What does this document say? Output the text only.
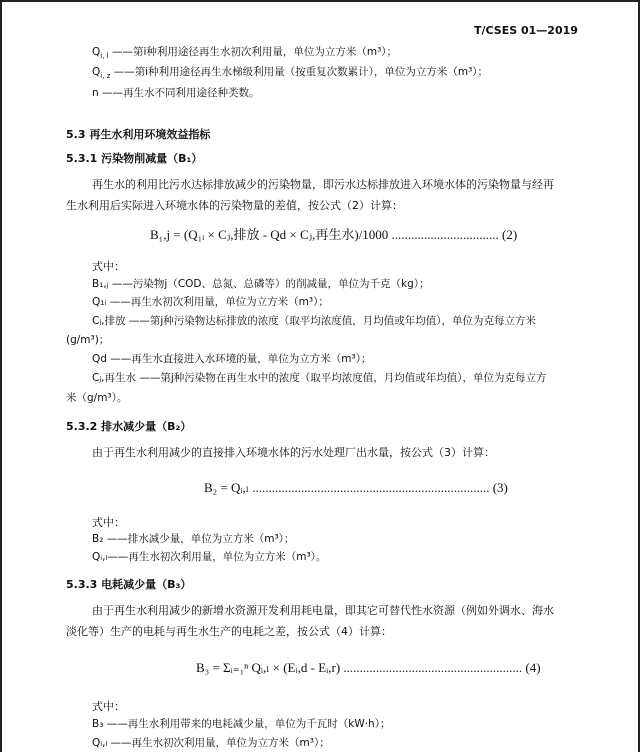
T/CSES 01—2019
$Q_{i, l}$ ——第i种利用途径再生水初次利用量，单位为立方米（m³）；
$Q_{i, z}$ ——第i种利用途径再生水梯级利用量（按重复次数累计），单位为立方米（m³）；
n ——再生水不同利用途径种类数。
5.3 再生水利用环境效益指标
5.3.1 污染物削减量（B₁）
再生水的利用比污水达标排放减少的污染物量，即污水达标排放进入环境水体的污染物量与经再
生水利用后实际进入环境水体的污染物量的差值，按公式（2）计算：
B₁,j = (Q₁ᵢ × Cⱼ,排放 - Qd × Cⱼ,再生水)/1000 ................................. (2)
式中：
B₁,ⱼ ——污染物j（COD、总氮、总磷等）的削减量，单位为千克（kg）；
Q₁ᵢ ——再生水初次利用量，单位为立方米（m³）；
Cⱼ,排放 ——第j种污染物达标排放的浓度（取平均浓度值，月均值或年均值），单位为克每立方米
(g/m³)；
Qd ——再生水直接进入水环境的量，单位为立方米（m³）；
Cⱼ,再生水 ——第j种污染物在再生水中的浓度（取平均浓度值，月均值或年均值），单位为克每立方
米（g/m³）。
5.3.2 排水减少量（B₂）
由于再生水利用减少的直接排入环境水体的污水处理厂出水量，按公式（3）计算：
B₂ = Qᵢ,ₗ ......................................................................... (3)
式中：
B₂ ——排水减少量，单位为立方米（m³）；
Qᵢ,ₗ——再生水初次利用量，单位为立方米（m³）。
5.3.3 电耗减少量（B₃）
由于再生水利用减少的新增水资源开发利用耗电量，即其它可替代性水资源（例如外调水、海水
淡化等）生产的电耗与再生水生产的电耗之差，按公式（4）计算：
B₃ = Σᵢ₌₁ⁿ Qᵢ,ₗ × (Eᵢ,d - Eᵢ,r) ....................................................... (4)
式中：
B₃ ——再生水利用带来的电耗减少量，单位为千瓦时（kW·h）；
Qᵢ,ₗ ——再生水初次利用量，单位为立方米（m³）；
